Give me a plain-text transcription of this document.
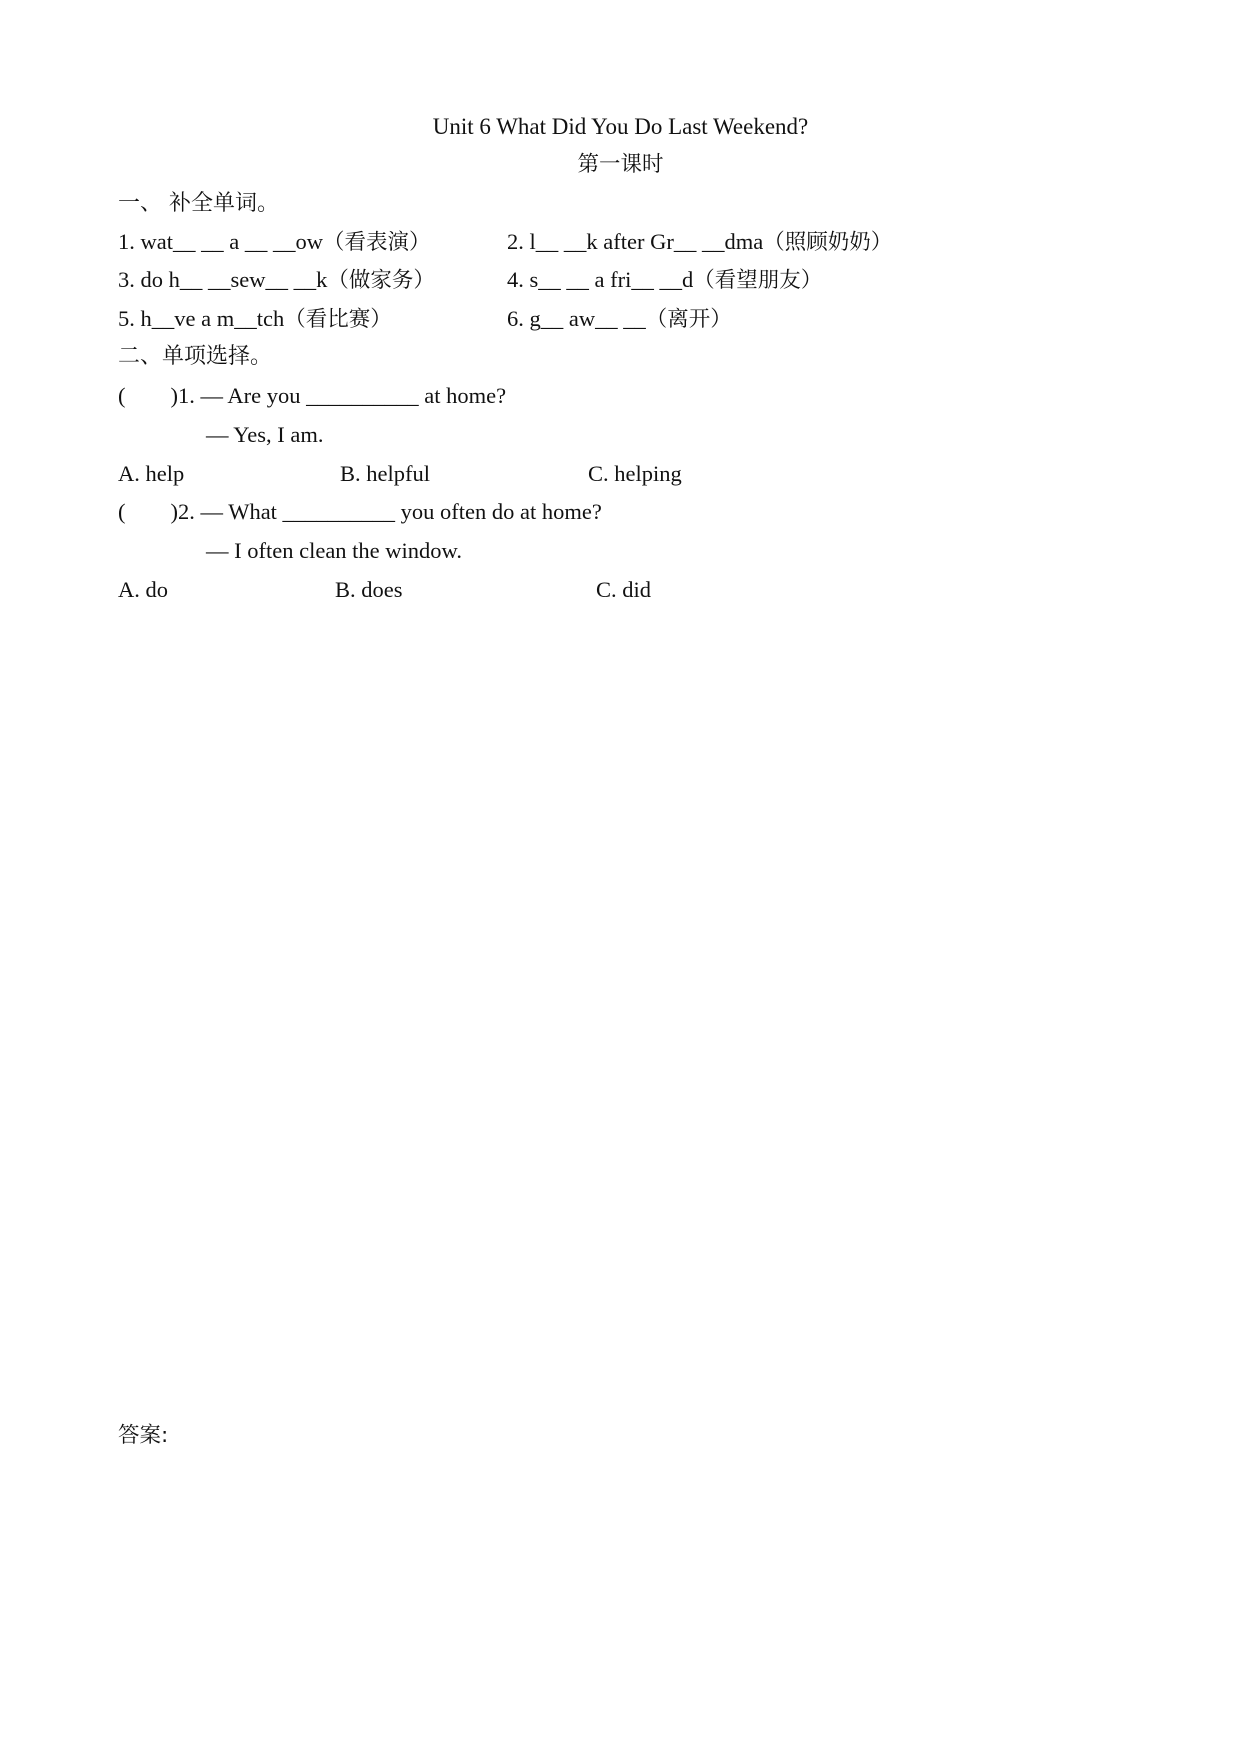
Unit 6 What Did You Do Last Weekend?
第一课时
一、 补全单词。
1. wat__ __ a __ __ow（看表演）	2. l__ __k after Gr__ __dma（照顾奶奶）
3. do h__ __sew__ __k（做家务）	4. s__ __ a fri__ __d（看望朋友）
5. h__ve a m__tch（看比赛）	6. g__ aw__ __（离开）
二、单项选择。
(        )1. — Are you __________ at home?
— Yes, I am.
A. help	B. helpful	C. helping
(        )2. — What __________ you often do at home?
— I often clean the window.
A. do	B. does	C. did
答案:
